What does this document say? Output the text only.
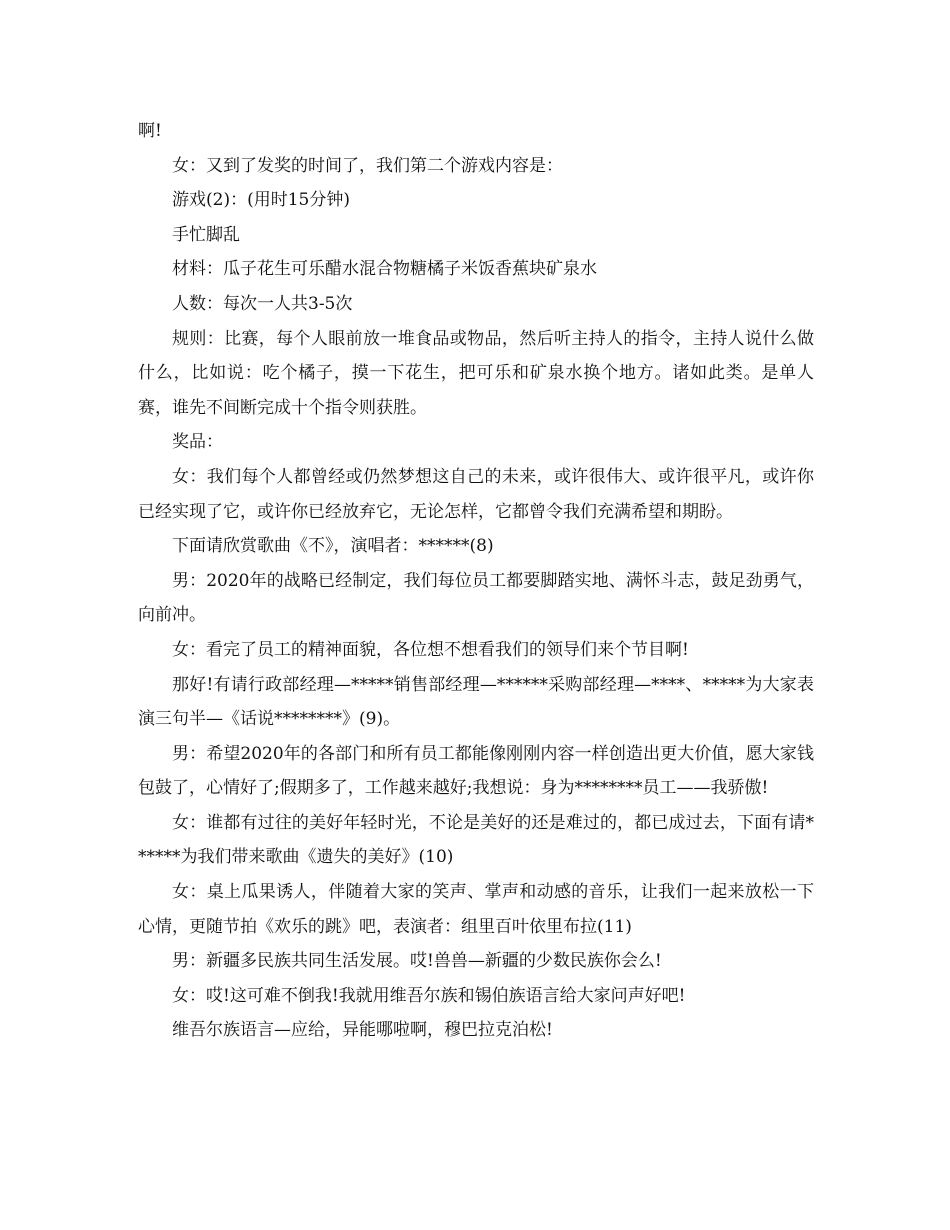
啊!

女：又到了发奖的时间了，我们第二个游戏内容是：

游戏(2)：(用时15分钟)

手忙脚乱

材料：瓜子花生可乐醋水混合物糖橘子米饭香蕉块矿泉水

人数：每次一人共3-5次

规则：比赛，每个人眼前放一堆食品或物品，然后听主持人的指令，主持人说什么做什么，比如说：吃个橘子，摸一下花生，把可乐和矿泉水换个地方。诸如此类。是单人赛，谁先不间断完成十个指令则获胜。

奖品：

女：我们每个人都曾经或仍然梦想这自己的未来，或许很伟大、或许很平凡，或许你已经实现了它，或许你已经放弃它，无论怎样，它都曾令我们充满希望和期盼。

下面请欣赏歌曲《不》，演唱者：******(8)

男：2020年的战略已经制定，我们每位员工都要脚踏实地、满怀斗志，鼓足劲勇气，向前冲。

女：看完了员工的精神面貌，各位想不想看我们的领导们来个节目啊!

那好!有请行政部经理—*****销售部经理—******采购部经理—****、*****为大家表演三句半—《话说********》(9)。

男：希望2020年的各部门和所有员工都能像刚刚内容一样创造出更大价值，愿大家钱包鼓了，心情好了;假期多了，工作越来越好;我想说：身为********员工——我骄傲!

女：谁都有过往的美好年轻时光，不论是美好的还是难过的，都已成过去，下面有请******为我们带来歌曲《遗失的美好》(10)

女：桌上瓜果诱人，伴随着大家的笑声、掌声和动感的音乐，让我们一起来放松一下心情，更随节拍《欢乐的跳》吧，表演者：组里百叶依里布拉(11)

男：新疆多民族共同生活发展。哎!兽兽—新疆的少数民族你会么!

女：哎!这可难不倒我!我就用维吾尔族和锡伯族语言给大家问声好吧!

维吾尔族语言—应给，异能哪啦啊，穆巴拉克泊松!
